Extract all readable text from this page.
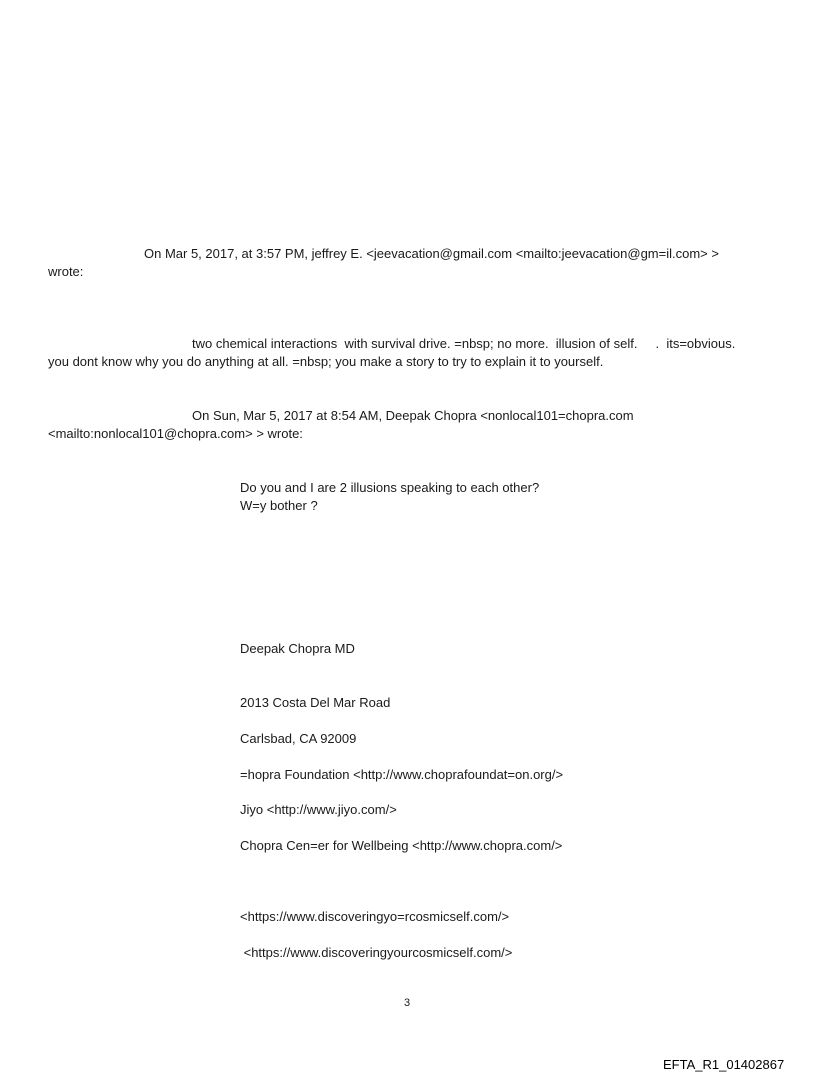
On Mar 5, 2017, at 3:57 PM, jeffrey E. <jeevacation@gmail.com <mailto:jeevacation@gm=il.com> >
wrote:
two chemical interactions  with survival drive. =nbsp; no more.  illusion of self.     .  its=obvious.
you dont know why you do anything at all. =nbsp; you make a story to try to explain it to yourself.
On Sun, Mar 5, 2017 at 8:54 AM, Deepak Chopra <nonlocal101=chopra.com
<mailto:nonlocal101@chopra.com> > wrote:
Do you and I are 2 illusions speaking to each other?
W=y bother ?
Deepak Chopra MD
2013 Costa Del Mar Road
Carlsbad, CA 92009
=hopra Foundation <http://www.choprafoundat=on.org/>
Jiyo <http://www.jiyo.com/>
Chopra Cen=er for Wellbeing <http://www.chopra.com/>
<https://www.discoveringyo=rcosmicself.com/>
<https://www.discoveringyourcosmicself.com/>
3
EFTA_R1_01402867
